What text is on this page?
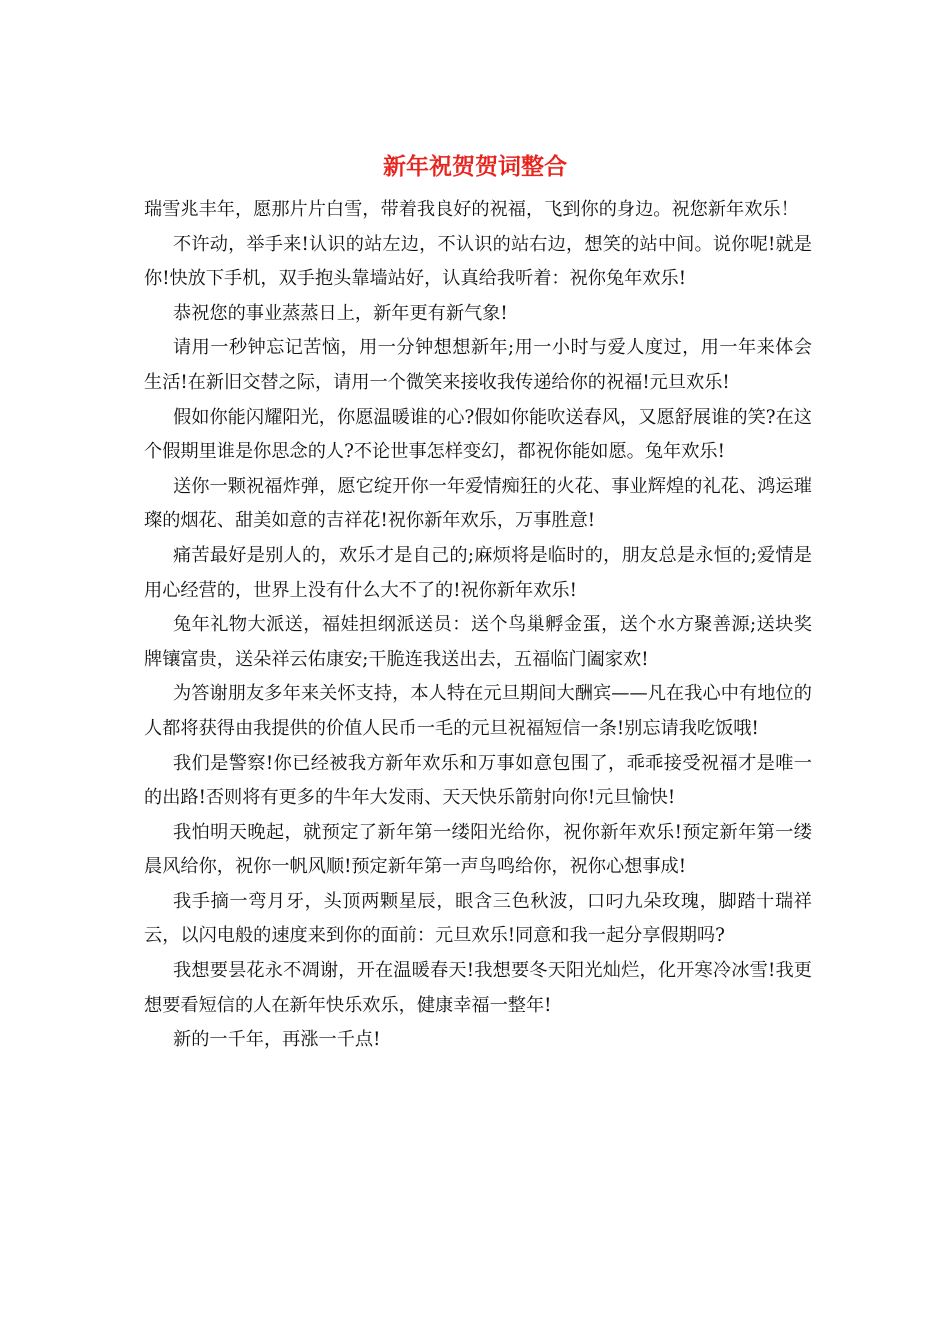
新年祝贺贺词整合

瑞雪兆丰年，愿那片片白雪，带着我良好的祝福，飞到你的身边。祝您新年欢乐！

不许动，举手来!认识的站左边，不认识的站右边，想笑的站中间。说你呢!就是你!快放下手机，双手抱头靠墙站好，认真给我听着：祝你兔年欢乐!

恭祝您的事业蒸蒸日上，新年更有新气象!

请用一秒钟忘记苦恼，用一分钟想想新年;用一小时与爱人度过，用一年来体会生活!在新旧交替之际，请用一个微笑来接收我传递给你的祝福!元旦欢乐!

假如你能闪耀阳光，你愿温暖谁的心?假如你能吹送春风，又愿舒展谁的笑?在这个假期里谁是你思念的人?不论世事怎样变幻，都祝你能如愿。兔年欢乐!

送你一颗祝福炸弹，愿它绽开你一年爱情痴狂的火花、事业辉煌的礼花、鸿运璀璨的烟花、甜美如意的吉祥花!祝你新年欢乐，万事胜意!

痛苦最好是别人的，欢乐才是自己的;麻烦将是临时的，朋友总是永恒的;爱情是用心经营的，世界上没有什么大不了的!祝你新年欢乐!

兔年礼物大派送，福娃担纲派送员：送个鸟巢孵金蛋，送个水方聚善源;送块奖牌镶富贵，送朵祥云佑康安;干脆连我送出去，五福临门阖家欢!

为答谢朋友多年来关怀支持，本人特在元旦期间大酬宾——凡在我心中有地位的人都将获得由我提供的价值人民币一毛的元旦祝福短信一条!别忘请我吃饭哦!

我们是警察!你已经被我方新年欢乐和万事如意包围了，乖乖接受祝福才是唯一的出路!否则将有更多的牛年大发雨、天天快乐箭射向你!元旦愉快!

我怕明天晚起，就预定了新年第一缕阳光给你，祝你新年欢乐!预定新年第一缕晨风给你，祝你一帆风顺!预定新年第一声鸟鸣给你，祝你心想事成!

我手摘一弯月牙，头顶两颗星辰，眼含三色秋波，口叼九朵玫瑰，脚踏十瑞祥云，以闪电般的速度来到你的面前：元旦欢乐!同意和我一起分享假期吗?

我想要昙花永不凋谢，开在温暖春天!我想要冬天阳光灿烂，化开寒冷冰雪!我更想要看短信的人在新年快乐欢乐，健康幸福一整年!

新的一千年，再涨一千点!
